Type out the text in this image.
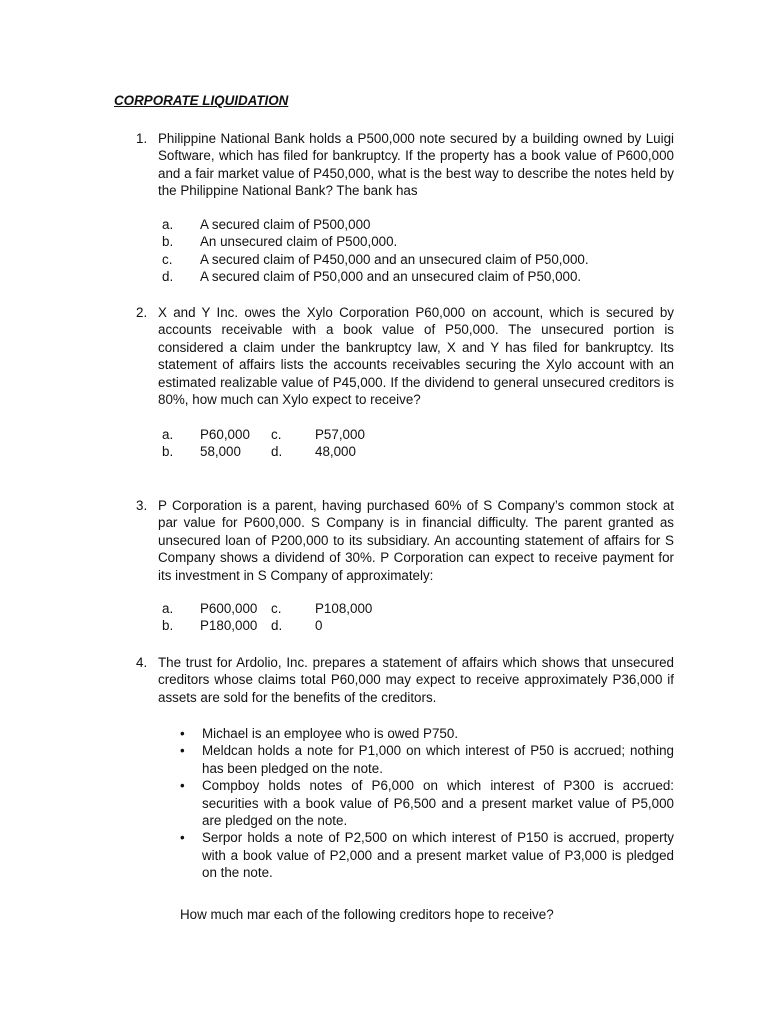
CORPORATE LIQUIDATION
1. Philippine National Bank holds a P500,000 note secured by a building owned by Luigi Software, which has filed for bankruptcy. If the property has a book value of P600,000 and a fair market value of P450,000, what is the best way to describe the notes held by the Philippine National Bank? The bank has
a. A secured claim of P500,000
b. An unsecured claim of P500,000.
c. A secured claim of P450,000 and an unsecured claim of P50,000.
d. A secured claim of P50,000 and an unsecured claim of P50,000.
2. X and Y Inc. owes the Xylo Corporation P60,000 on account, which is secured by accounts receivable with a book value of P50,000. The unsecured portion is considered a claim under the bankruptcy law, X and Y has filed for bankruptcy. Its statement of affairs lists the accounts receivables securing the Xylo account with an estimated realizable value of P45,000. If the dividend to general unsecured creditors is 80%, how much can Xylo expect to receive?
a. P60,000 c.	P57,000
b. 58,000 d. 48,000
3. P Corporation is a parent, having purchased 60% of S Company’s common stock at par value for P600,000. S Company is in financial difficulty. The parent granted as unsecured loan of P200,000 to its subsidiary. An accounting statement of affairs for S Company shows a dividend of 30%. P Corporation can expect to receive payment for its investment in S Company of approximately:
a. P600,000 c.	P108,000
b. P180,000 d. 0
4. The trust for Ardolio, Inc. prepares a statement of affairs which shows that unsecured creditors whose claims total P60,000 may expect to receive approximately P36,000 if assets are sold for the benefits of the creditors.
• Michael is an employee who is owed P750.
• Meldcan holds a note for P1,000 on which interest of P50 is accrued; nothing has been pledged on the note.
• Compboy holds notes of P6,000 on which interest of P300 is accrued: securities with a book value of P6,500 and a present market value of P5,000 are pledged on the note.
• Serpor holds a note of P2,500 on which interest of P150 is accrued, property with a book value of P2,000 and a present market value of P3,000 is pledged on the note.
How much mar each of the following creditors hope to receive?
